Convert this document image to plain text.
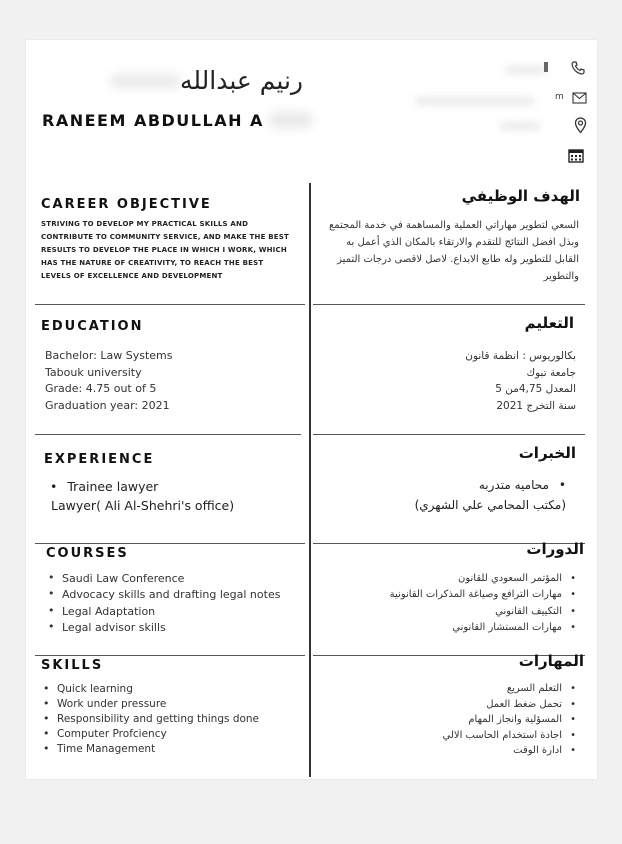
رنيم عبدالله
RANEEM ABDULLAH A
m
CAREER OBJECTIVE	الهدف الوظيفي
STRIVING TO DEVELOP MY PRACTICAL SKILLS AND CONTRIBUTE TO COMMUNITY SERVICE, AND MAKE THE BEST RESULTS TO DEVELOP THE PLACE IN WHICH I WORK, WHICH HAS THE NATURE OF CREATIVITY, TO REACH THE BEST LEVELS OF EXCELLENCE AND DEVELOPMENT
السعي لتطوير مهاراتي العملية والمساهمة في خدمة المجتمع وبذل افضل النتائج للتقدم والارتقاء بالمكان الذي أعمل به القابل للتطوير وله طابع الابداع. لاصل لاقصى درجات التميز والتطوير
EDUCATION	التعليم
Bachelor: Law Systems
Tabouk university
Grade: 4.75 out of 5
Graduation year: 2021
بكالوريوس : انظمة قانون
جامعة تبوك
المعدل 4,75من 5
سنة التخرج 2021
EXPERIENCE	الخبرات
• Trainee lawyer
Lawyer( Ali Al-Shehri's office)
•محاميه متدربه
(مكتب المحامي علي الشهري)
COURSES	الدورات
• Saudi Law Conference
• Advocacy skills and drafting legal notes
• Legal Adaptation
• Legal advisor skills
• المؤتمر السعودي للقانون
• مهارات الترافع وصياغة المذكرات القانونية
• التكييف القانوني
• مهارات المستشار القانوني
SKILLS	المهارات
• Quick learning
• Work under pressure
• Responsibility and getting things done
• Computer Profciency
• Time Management
• التعلم السريع
• تحمل ضغط العمل
• المسؤلية وانجاز المهام
• اجادة استخدام الحاسب الالي
• ادارة الوقت
